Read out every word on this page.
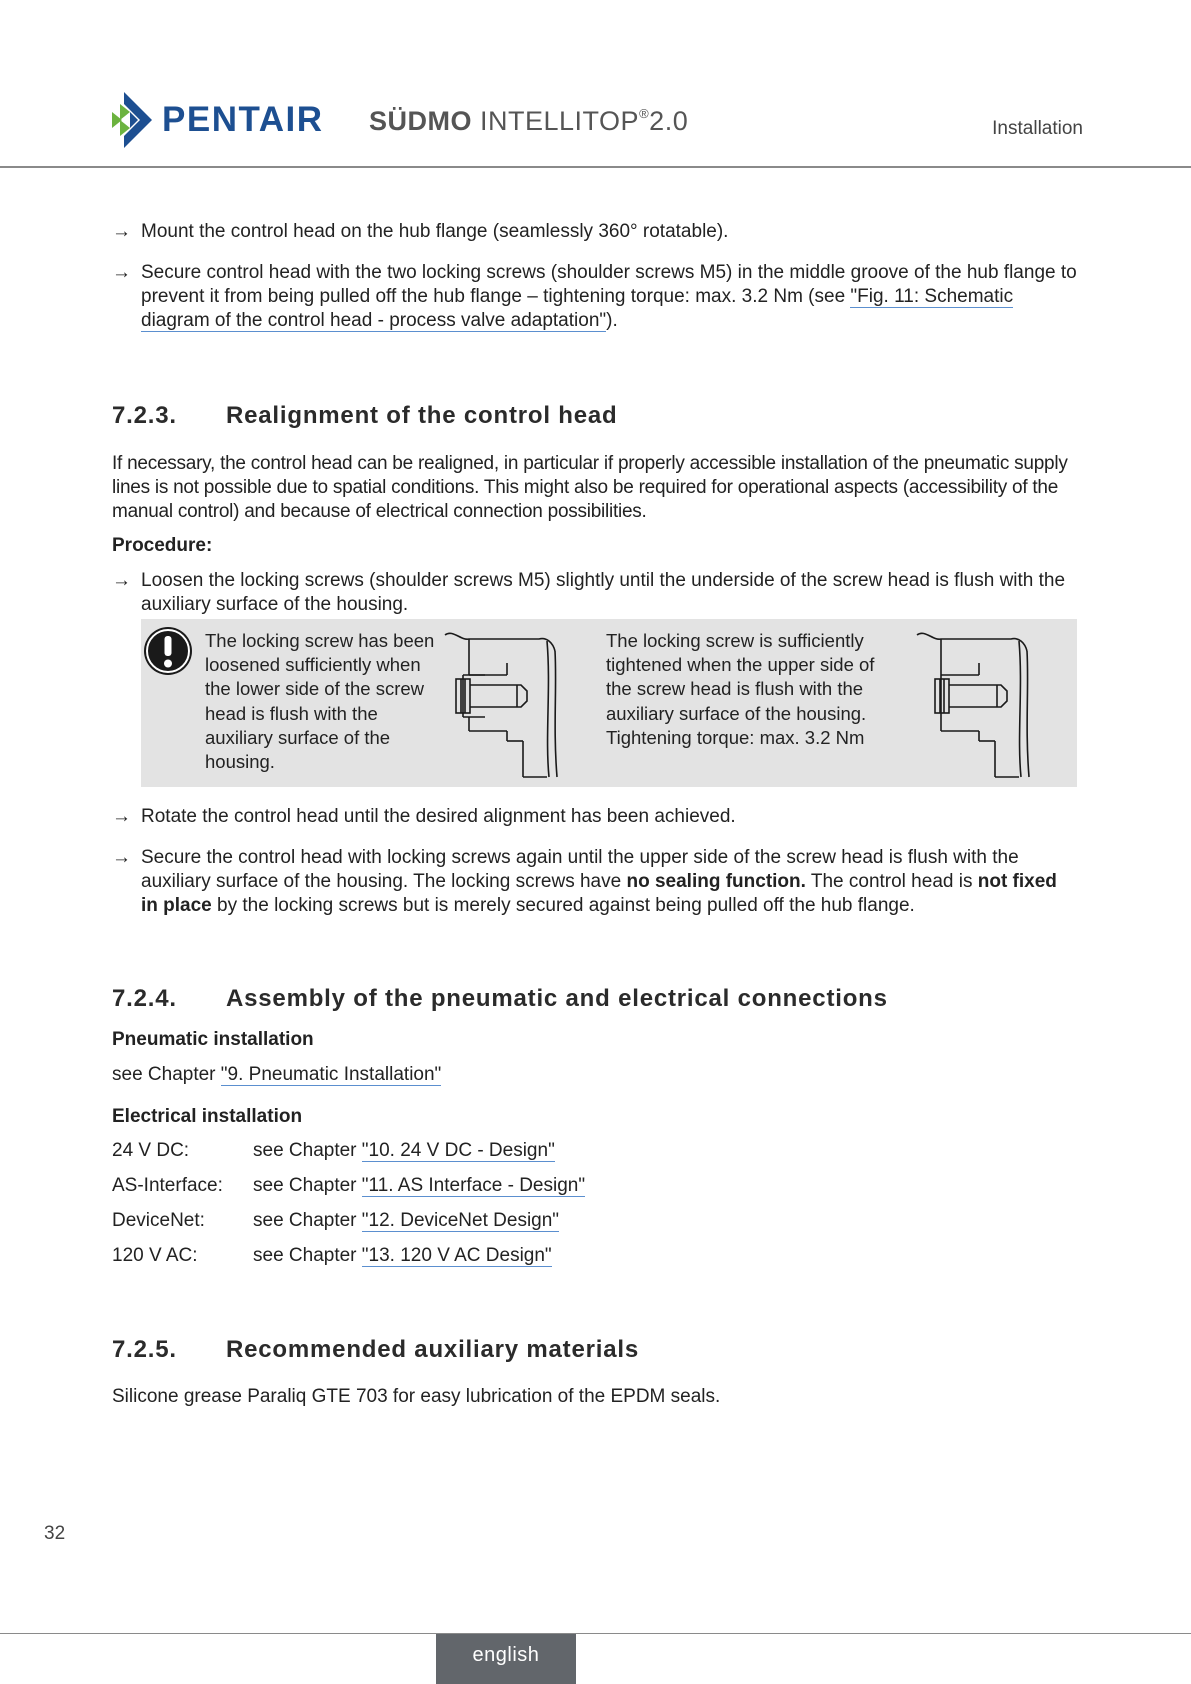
PENTAIR SÜDMO INTELLITOP®2.0	Installation
→ Mount the control head on the hub flange (seamlessly 360° rotatable).
→ Secure control head with the two locking screws (shoulder screws M5) in the middle groove of the hub flange to prevent it from being pulled off the hub flange – tightening torque: max. 3.2 Nm (see "Fig. 11: Schematic diagram of the control head - process valve adaptation").
7.2.3. Realignment of the control head

If necessary, the control head can be realigned, in particular if properly accessible installation of the pneumatic supply lines is not possible due to spatial conditions. This might also be required for operational aspects (accessibility of the manual control) and because of electrical connection possibilities.

Procedure:

→ Loosen the locking screws (shoulder screws M5) slightly until the underside of the screw head is flush with the auxiliary surface of the housing.
The locking screw has been loosened sufficiently when the lower side of the screw head is flush with the auxiliary surface of the housing.
The locking screw is sufficiently tightened when the upper side of the screw head is flush with the auxiliary surface of the housing.
Tightening torque: max. 3.2 Nm
→ Rotate the control head until the desired alignment has been achieved.
→ Secure the control head with locking screws again until the upper side of the screw head is flush with the auxiliary surface of the housing. The locking screws have no sealing function. The control head is not fixed in place by the locking screws but is merely secured against being pulled off the hub flange.
7.2.4. Assembly of the pneumatic and electrical connections

Pneumatic installation

see Chapter "9. Pneumatic Installation"

Electrical installation

24 V DC:	see Chapter "10. 24 V DC - Design"
AS-Interface: see Chapter "11. AS Interface - Design"
DeviceNet:	see Chapter "12. DeviceNet Design"
120 V AC:	see Chapter "13. 120 V AC Design"
7.2.5. Recommended auxiliary materials

Silicone grease Paraliq GTE 703 for easy lubrication of the EPDM seals.

32
english
